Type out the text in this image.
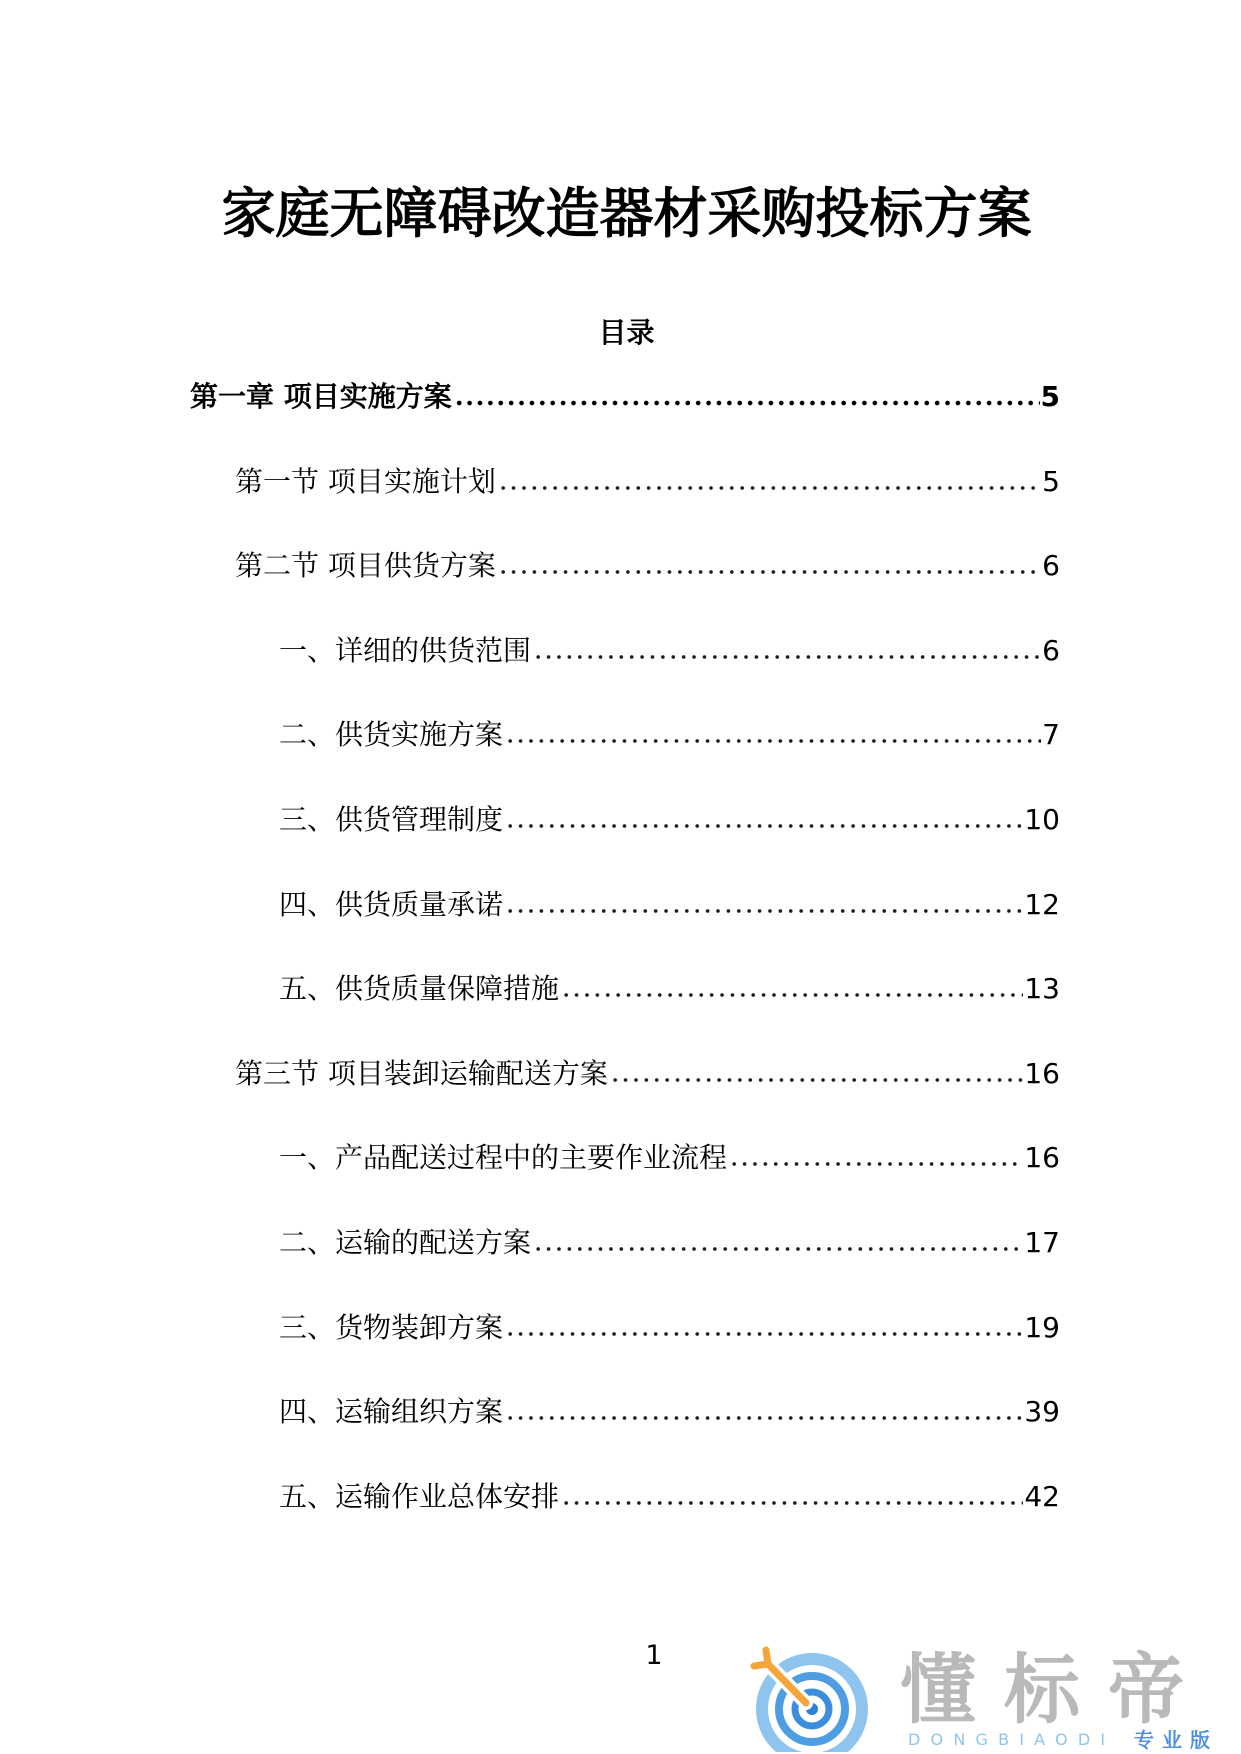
家庭无障碍改造器材采购投标方案
目录
第一章 项目实施方案	5
第一节 项目实施计划	5
第二节 项目供货方案	6
一、详细的供货范围	6
二、供货实施方案	7
三、供货管理制度	10
四、供货质量承诺	12
五、供货质量保障措施	13
第三节 项目装卸运输配送方案	16
一、产品配送过程中的主要作业流程	16
二、运输的配送方案	17
三、货物装卸方案	19
四、运输组织方案	39
五、运输作业总体安排	42
1	懂标帝
DONGBIAODI 专业版
